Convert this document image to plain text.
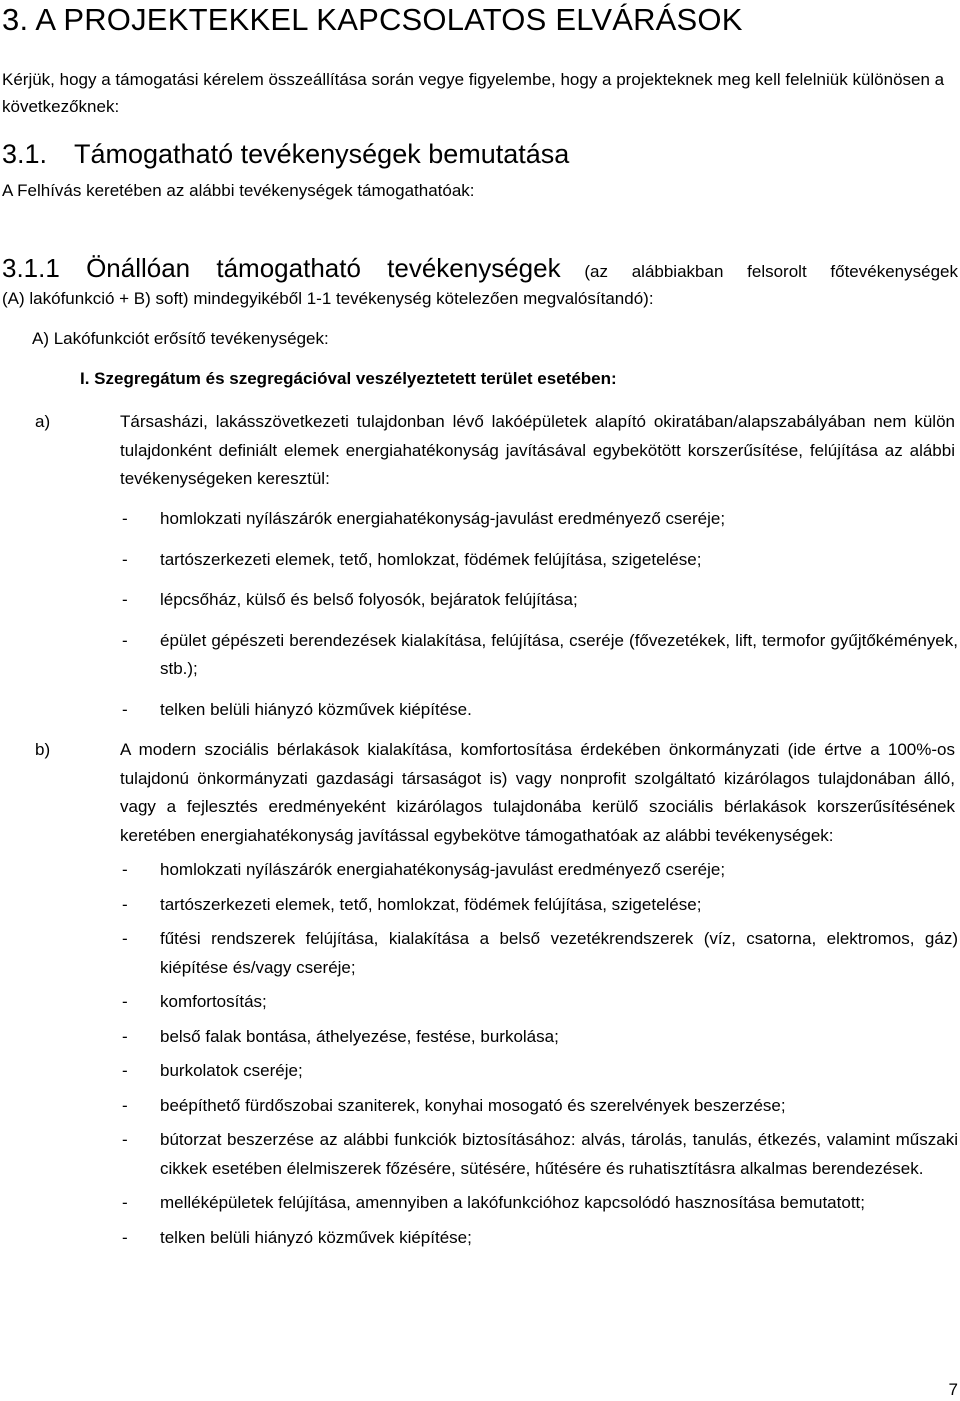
3. A PROJEKTEKKEL KAPCSOLATOS ELVÁRÁSOK

Kérjük, hogy a támogatási kérelem összeállítása során vegye figyelembe, hogy a projekteknek meg kell felelniük különösen a következőknek:

3.1. Támogatható tevékenységek bemutatása

A Felhívás keretében az alábbi tevékenységek támogathatóak:

3.1.1 Önállóan támogatható tevékenységek (az alábbiakban felsorolt főtevékenységek
(A) lakófunkció + B) soft) mindegyikéből 1-1 tevékenység kötelezően megvalósítandó):

A) Lakófunkciót erősítő tevékenységek:

I. Szegregátum és szegregációval veszélyeztetett terület esetében:

a)	Társasházi, lakásszövetkezeti tulajdonban lévő lakóépületek alapító okiratában/alapszabályában nem külön tulajdonként definiált elemek energiahatékonyság javításával egybekötött korszerűsítése, felújítása az alábbi tevékenységeken keresztül:
- homlokzati nyílászárók energiahatékonyság-javulást eredményező cseréje;
- tartószerkezeti elemek, tető, homlokzat, födémek felújítása, szigetelése;
- lépcsőház, külső és belső folyosók, bejáratok felújítása;
- épület gépészeti berendezések kialakítása, felújítása, cseréje (fővezetékek, lift, termofor gyűjtőkémények, stb.);
- telken belüli hiányzó közművek kiépítése.
b)	A modern szociális bérlakások kialakítása, komfortosítása érdekében önkormányzati (ide értve a 100%-os tulajdonú önkormányzati gazdasági társaságot is) vagy nonprofit szolgáltató kizárólagos tulajdonában álló, vagy a fejlesztés eredményeként kizárólagos tulajdonába kerülő szociális bérlakások korszerűsítésének keretében energiahatékonyság javítással egybekötve támogathatóak az alábbi tevékenységek:
- homlokzati nyílászárók energiahatékonyság-javulást eredményező cseréje;
- tartószerkezeti elemek, tető, homlokzat, födémek felújítása, szigetelése;
- fűtési rendszerek felújítása, kialakítása a belső vezetékrendszerek (víz, csatorna, elektromos, gáz) kiépítése és/vagy cseréje;
- komfortosítás;
- belső falak bontása, áthelyezése, festése, burkolása;
- burkolatok cseréje;
- beépíthető fürdőszobai szaniterek, konyhai mosogató és szerelvények beszerzése;
- bútorzat beszerzése az alábbi funkciók biztosításához: alvás, tárolás, tanulás, étkezés, valamint műszaki cikkek esetében élelmiszerek főzésére, sütésére, hűtésére és ruhatisztításra alkalmas berendezések.
- melléképületek felújítása, amennyiben a lakófunkcióhoz kapcsolódó hasznosítása bemutatott;
- telken belüli hiányzó közművek kiépítése;

7
